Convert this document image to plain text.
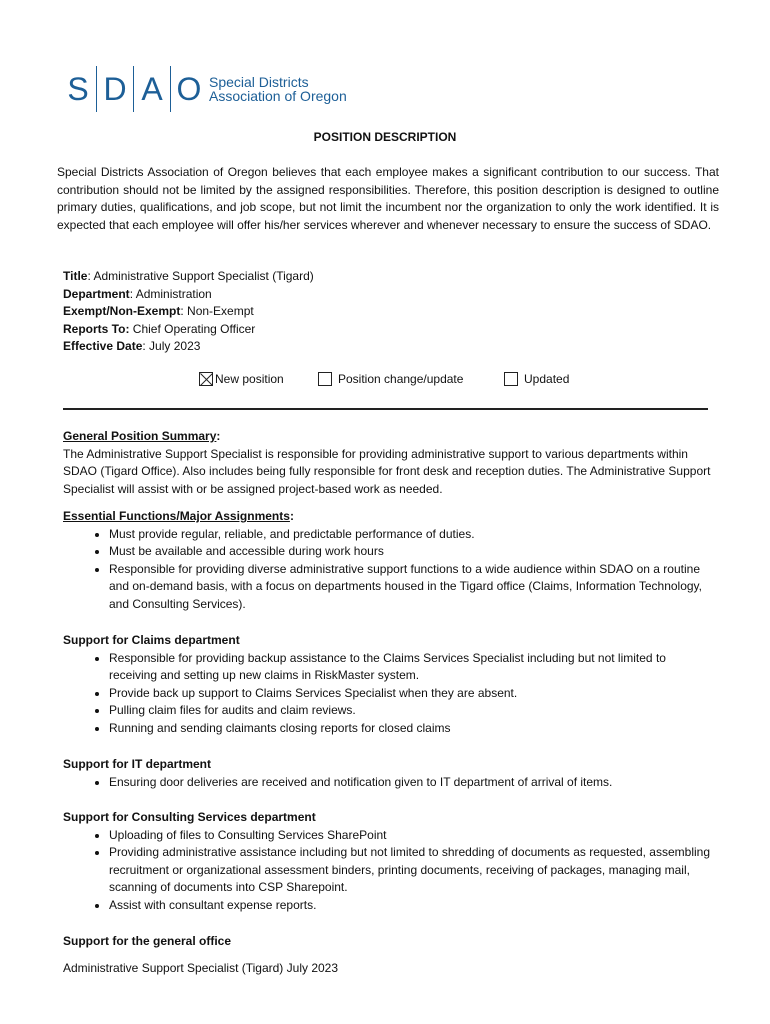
S D A O Special Districts
Association of Oregon
POSITION DESCRIPTION
Special Districts Association of Oregon believes that each employee makes a significant contribution to our success. That contribution should not be limited by the assigned responsibilities. Therefore, this position description is designed to outline primary duties, qualifications, and job scope, but not limit the incumbent nor the organization to only the work identified. It is expected that each employee will offer his/her services wherever and whenever necessary to ensure the success of SDAO.
Title: Administrative Support Specialist (Tigard)
Department: Administration
Exempt/Non-Exempt: Non-Exempt
Reports To: Chief Operating Officer
Effective Date: July 2023
New position	Position change/update	Updated
General Position Summary:

The Administrative Support Specialist is responsible for providing administrative support to various departments within SDAO (Tigard Office). Also includes being fully responsible for front desk and reception duties. The Administrative Support Specialist will assist with or be assigned project-based work as needed.

Essential Functions/Major Assignments:
• Must provide regular, reliable, and predictable performance of duties.
• Must be available and accessible during work hours
• Responsible for providing diverse administrative support functions to a wide audience within SDAO on a routine and on-demand basis, with a focus on departments housed in the Tigard office (Claims, Information Technology, and Consulting Services).
Support for Claims department
• Responsible for providing backup assistance to the Claims Services Specialist including but not limited to receiving and setting up new claims in RiskMaster system.
• Provide back up support to Claims Services Specialist when they are absent.
• Pulling claim files for audits and claim reviews.
• Running and sending claimants closing reports for closed claims
Support for IT department
• Ensuring door deliveries are received and notification given to IT department of arrival of items.
Support for Consulting Services department
• Uploading of files to Consulting Services SharePoint
• Providing administrative assistance including but not limited to shredding of documents as requested, assembling recruitment or organizational assessment binders, printing documents, receiving of packages, managing mail, scanning of documents into CSP Sharepoint.
• Assist with consultant expense reports.
Support for the general office
Administrative Support Specialist (Tigard) July 2023
